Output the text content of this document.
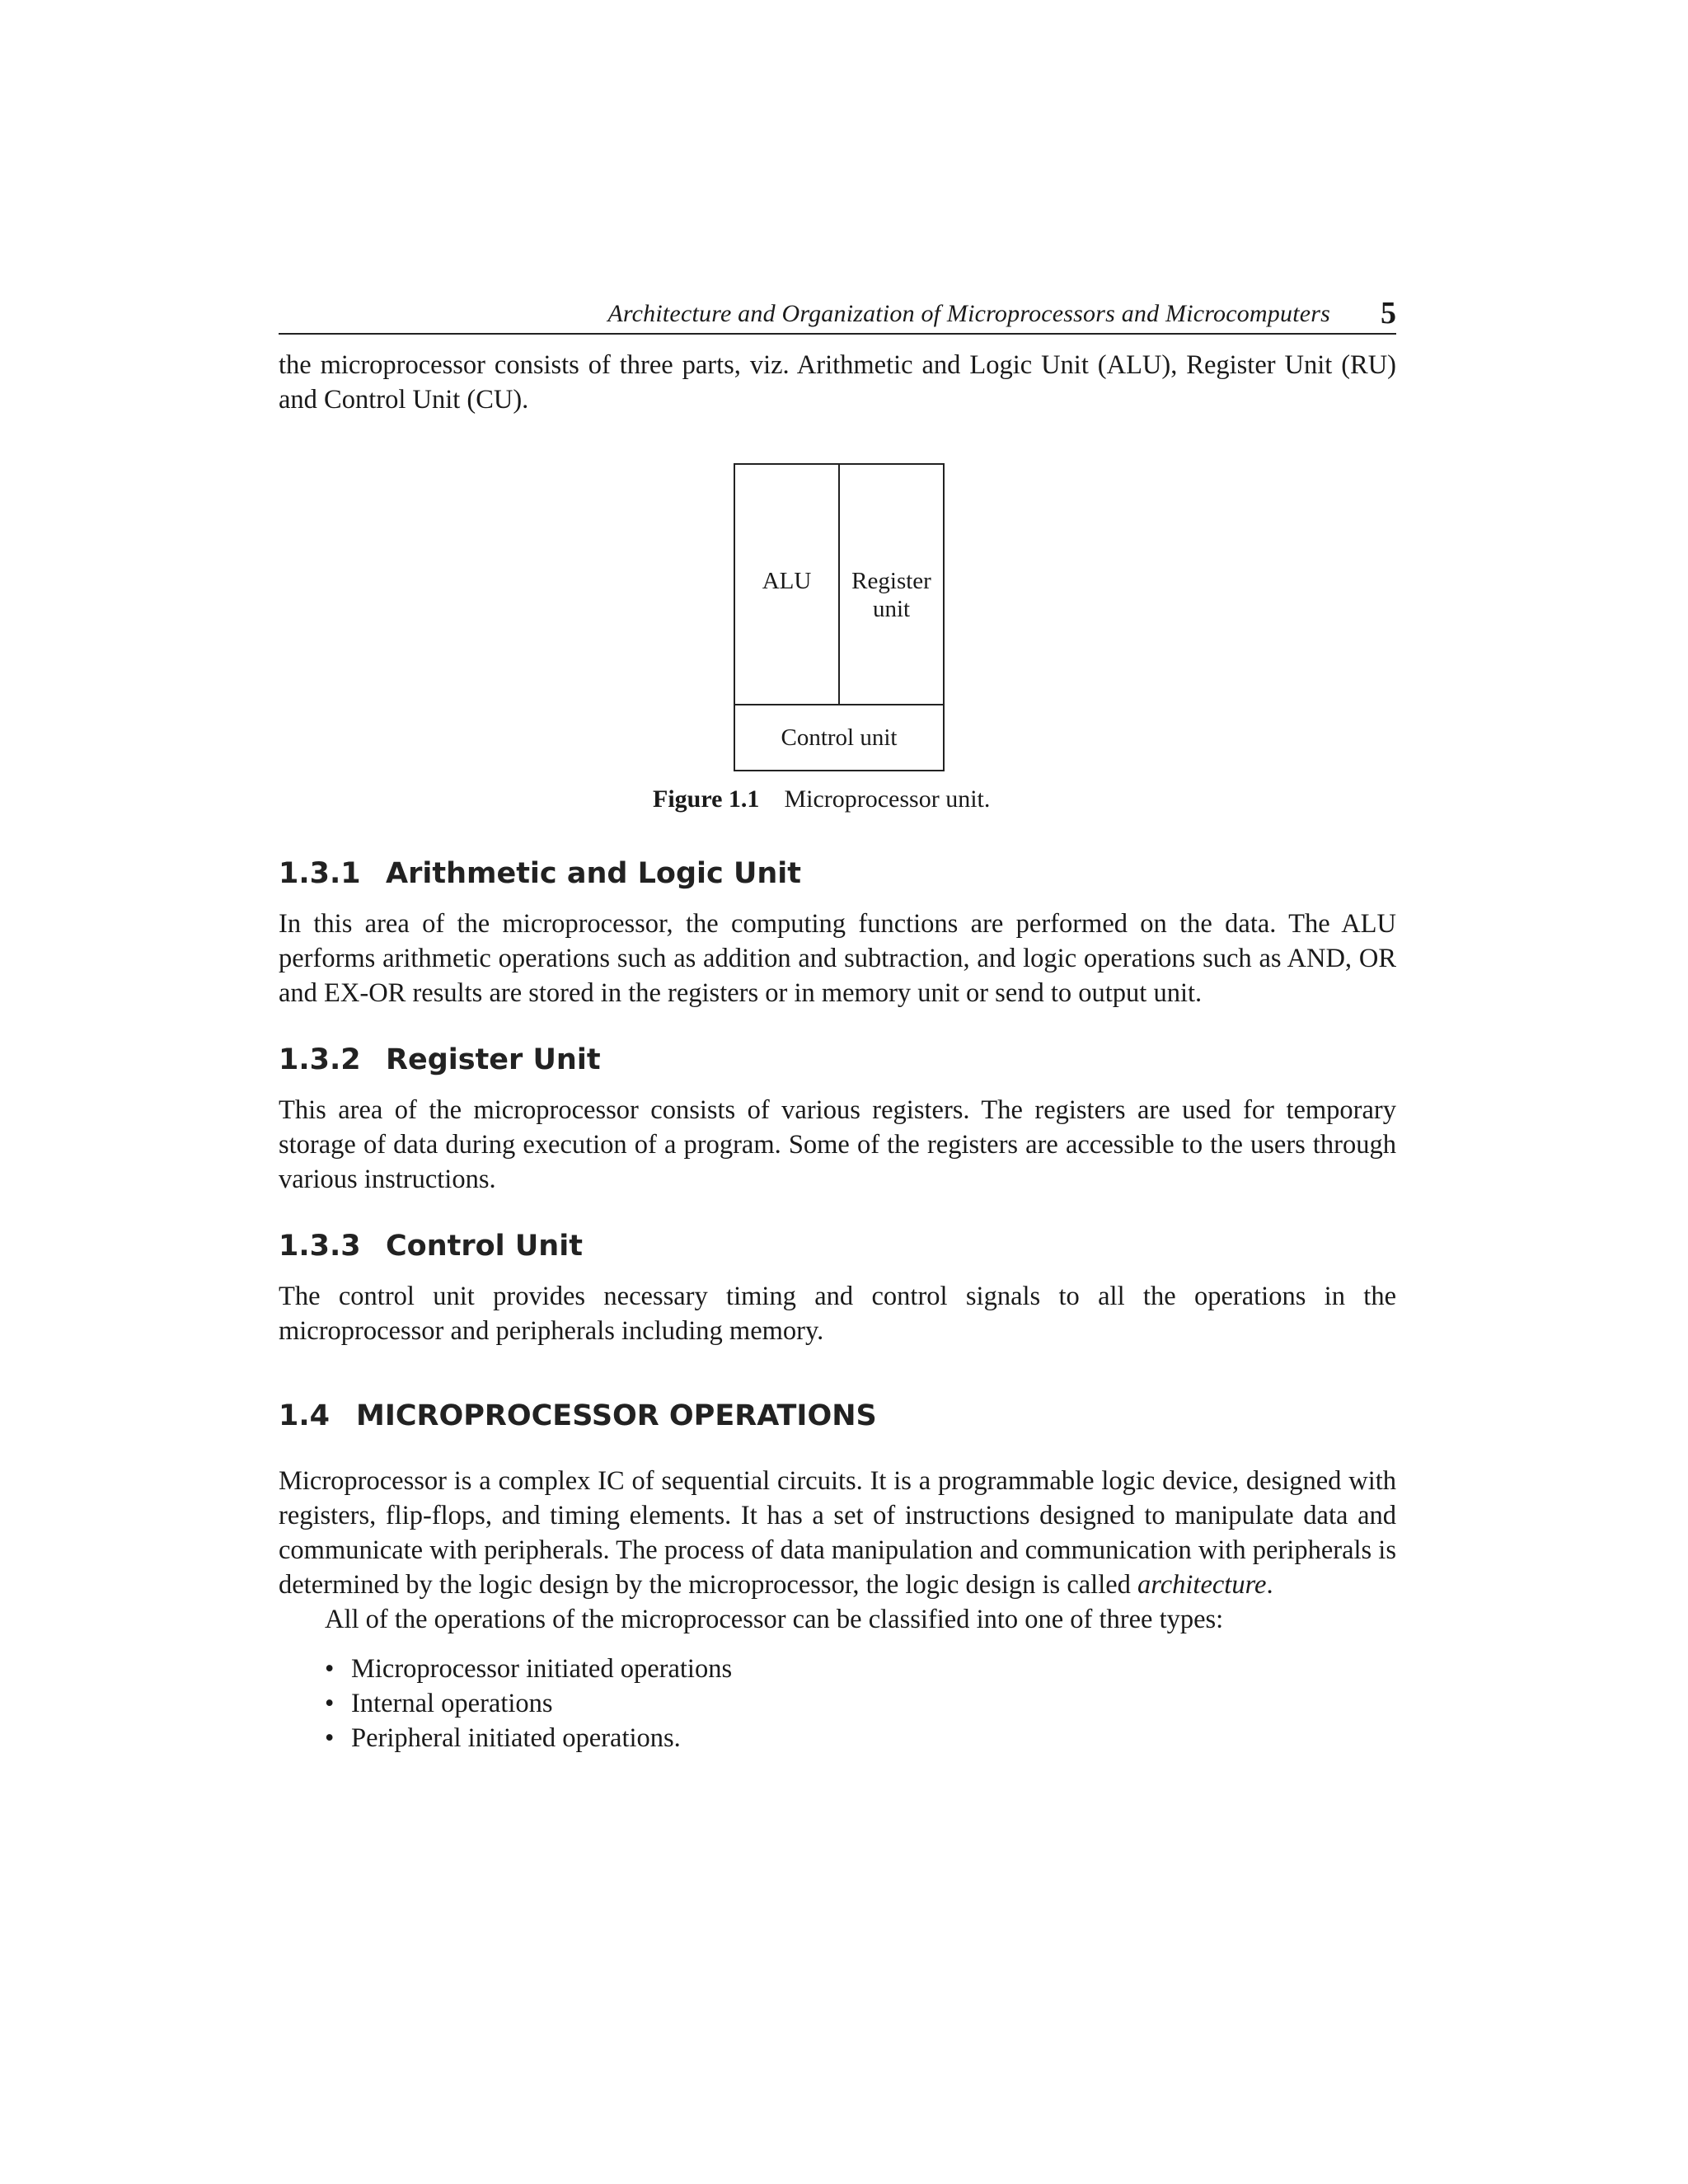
Architecture and Organization of Microprocessors and Microcomputers 5

the microprocessor consists of three parts, viz. Arithmetic and Logic Unit (ALU), Register Unit (RU) and Control Unit (CU).

ALU	Register
unit
Control unit
Figure 1.1 Microprocessor unit.
1.3.1 Arithmetic and Logic Unit

In this area of the microprocessor, the computing functions are performed on the data. The ALU performs arithmetic operations such as addition and subtraction, and logic operations such as AND, OR and EX-OR results are stored in the registers or in memory unit or send to output unit.

1.3.2 Register Unit

This area of the microprocessor consists of various registers. The registers are used for temporary storage of data during execution of a program. Some of the registers are accessible to the users through various instructions.

1.3.3 Control Unit

The control unit provides necessary timing and control signals to all the operations in the microprocessor and peripherals including memory.

1.4 MICROPROCESSOR OPERATIONS

Microprocessor is a complex IC of sequential circuits. It is a programmable logic device, designed with registers, flip-flops, and timing elements. It has a set of instructions designed to manipulate data and communicate with peripherals. The process of data manipulation and communication with peripherals is determined by the logic design by the microprocessor, the logic design is called architecture.

All of the operations of the microprocessor can be classified into one of three types:

• Microprocessor initiated operations
• Internal operations
• Peripheral initiated operations.
